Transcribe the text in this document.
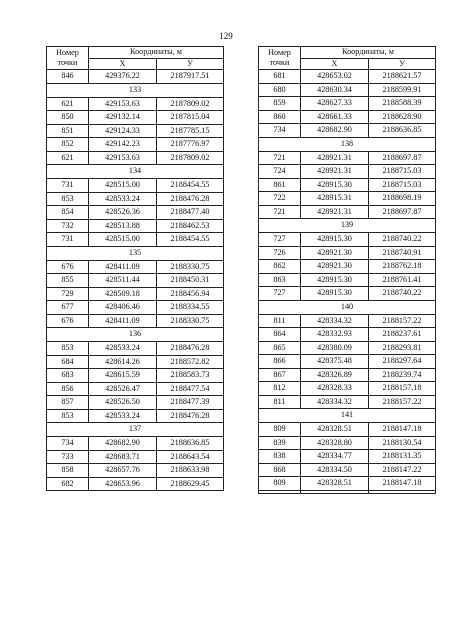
129
Номер
точки	Координаты, м	
	X	У
846	429376.22	2187917.51
133		
621	429153.63	2187809.02
850	429132.14	2187815.04
851	429124.33	2187785.15
852	429142.23	2187776.97
621	429153.63	2187809.02
134		
731	428515.00	2188454.55
853	428533.24	2188476.28
854	428526.36	2188477.40
732	428513.88	2188462.53
731	428515.00	2188454.55
135		
676	428411.09	2188330.75
855	428511.44	2188450.31
729	428509.18	2188456.94
677	428406.46	2188334.55
676	428411.09	2188330.75
136		
853	428533.24	2188476.28
684	428614.26	2188572.82
683	428615.59	2188583.73
856	428526.47	2188477.54
857	428526.50	2188477.39
853	428533.24	2188476.28
137		
734	428682.90	2188636.85
733	428683.71	2188643.54
858	428657.76	2188633.98
682	428653.96	2188629.45
Номер
точки	Координаты, м	
	X	У
681	428653.02	2188621.57
680	428630.34	2188599.91
859	428627.33	2188588.39
860	428661.33	2188628.90
734	428682.90	2188636.85
138		
721	428921.31	2188697.87
724	428921.31	2188715.03
861	428915.30	2188715.03
722	428915.31	2188698.19
721	428921.31	2188697.87
139		
727	428915.30	2188740.22
726	428921.30	2188740.91
862	428921.30	2188762.18
863	428915.30	2188761.41
727	428915.30	2188740.22
140		
811	428334.32	2188157.22
864	428332.93	2188237.61
865	428380.09	2188293.81
866	428375.48	2188297.64
867	428326.89	2188239.74
812	428328.33	2188157.18
811	428334.32	2188157.22
141		
809	428328.51	2188147.18
839	428328.80	2188130.54
838	428334.77	2188131.35
868	428334.50	2188147.22
809	428328.51	2188147.18
